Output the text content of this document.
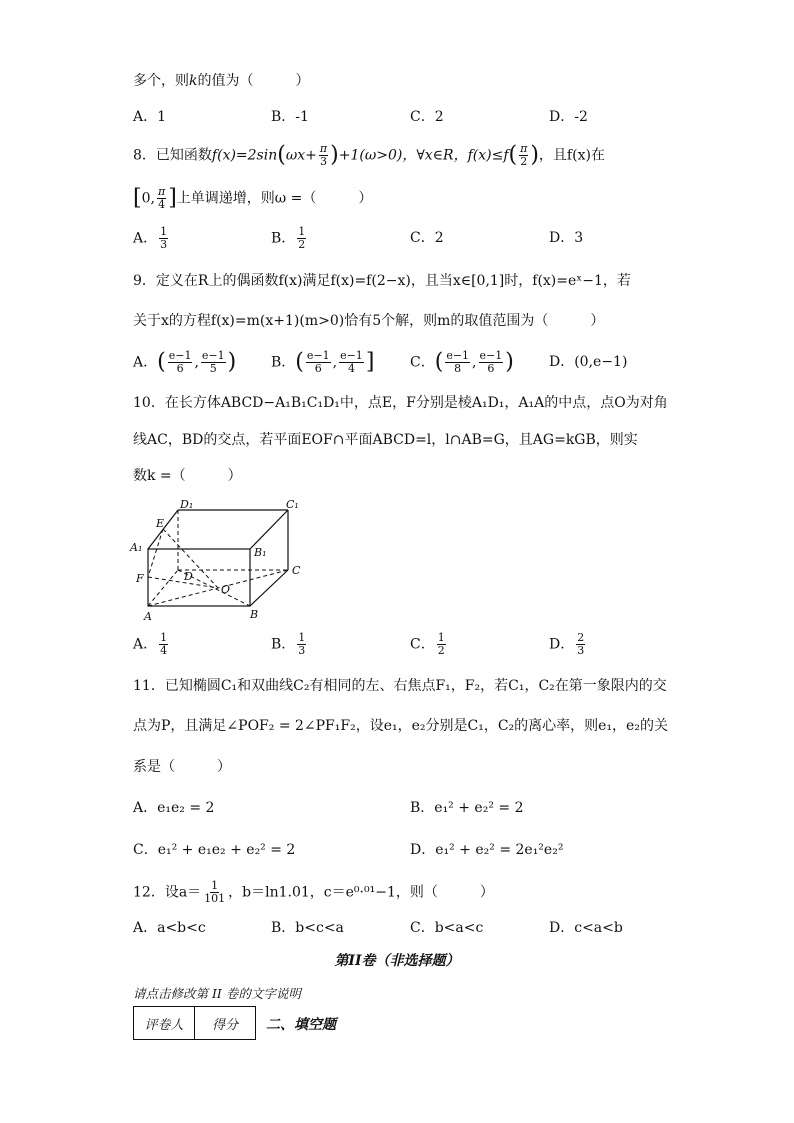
多个，则k的值为（　　　）
A．1	B．-1	C．2	D．-2
8．已知函数$f(x)=2\sin(\omega x+ \frac{\pi}{3} )+1(\omega>0)$，∀x∈R，$f(x)\le f( \frac{\pi}{2}$ )，且f(x)在
[0, $\frac{\pi}{4}$ ]上单调递增，则ω =（　　　）
A． $\frac{1}{3}$	B． $\frac{1}{2}$	C．2	D．3
9．定义在R上的偶函数f(x)满足f(x)=f(2−x)，且当x∈[0,1]时，f(x)=eˣ−1，若
关于x的方程f(x)=m(x+1)(m>0)恰有5个解，则m的取值范围为（　　　）
A．( $\frac{e-1}{6}$ , $\frac{e-1}{5}$ ) B．( $\frac{e-1}{6}$ , $\frac{e-1}{4}$ ]	C．( $\frac{e-1}{8}$ , $\frac{e-1}{6}$ )	D．(0,e−1)
10．在长方体ABCD−A₁B₁C₁D₁中，点E，F分别是棱A₁D₁，A₁A的中点，点O为对角
线AC，BD的交点，若平面EOF∩平面ABCD=l，l∩AB=G，且AG=kGB，则实
数k =（　　　）
D₁	C₁
E
A₁	B₁
F	D	C
O
A	B
A． $\frac{1}{4}$	B． $\frac{1}{3}$	C． $\frac{1}{2}$	D． $\frac{2}{3}$
11．已知椭圆C₁和双曲线C₂有相同的左、右焦点F₁，F₂，若C₁，C₂在第一象限内的交
点为P，且满足∠POF₂ = 2∠PF₁F₂，设e₁，e₂分别是C₁，C₂的离心率，则e₁，e₂的关
系是（　　　）
A．e₁e₂ = 2	B．e₁² + e₂² = 2
C．e₁² + e₁e₂ + e₂² = 2	D．e₁² + e₂² = 2e₁²e₂²
12．设$a= \frac{1}{101}$ ，b＝ln1.01，c＝e⁰·⁰¹−1，则（　　　）
A．a<b<c	B．b<c<a	C．b<a<c	D．c<a<b
第II卷（非选择题）
请点击修改第 II 卷的文字说明
评卷人	得分 二、填空题
